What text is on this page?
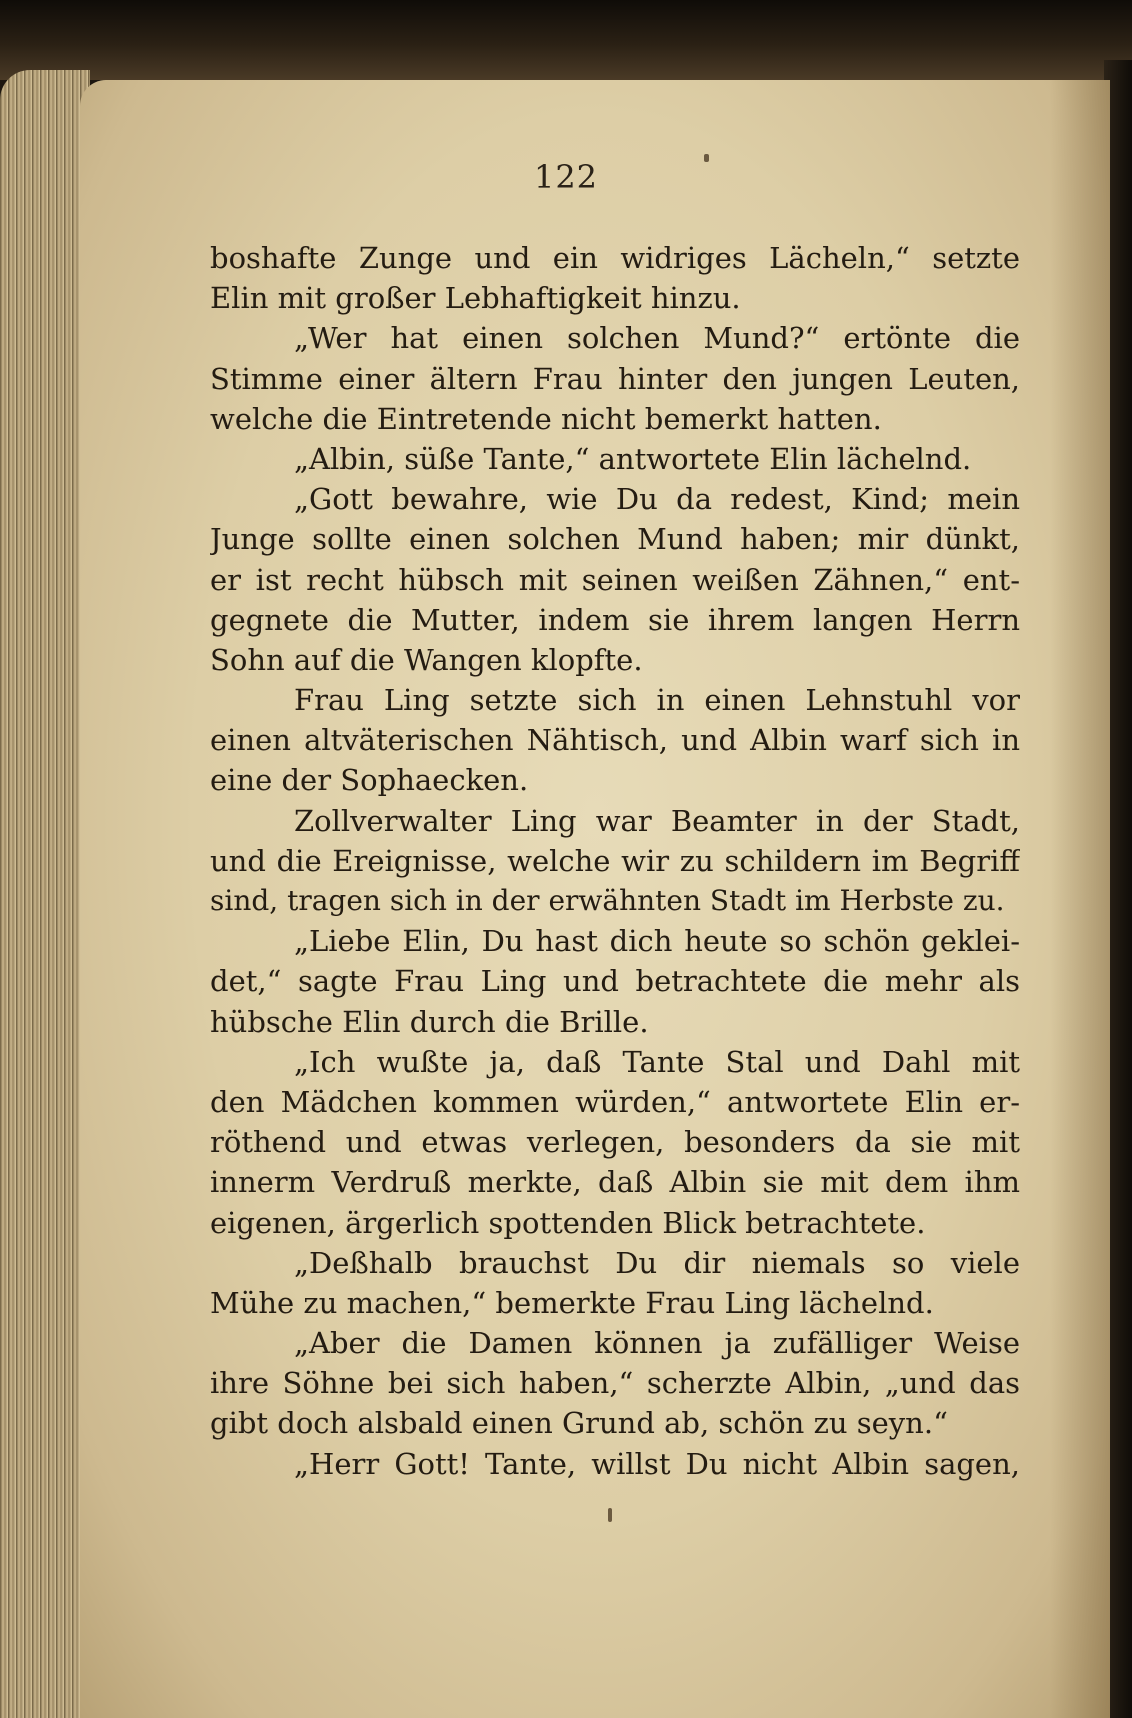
122
boshafte Zunge und ein widriges Lächeln,“ setzte
Elin mit großer Lebhaftigkeit hinzu.
„Wer hat einen solchen Mund?“ ertönte die
Stimme einer ältern Frau hinter den jungen Leuten,
welche die Eintretende nicht bemerkt hatten.
„Albin, süße Tante,“ antwortete Elin lächelnd.
„Gott bewahre, wie Du da redest, Kind; mein
Junge sollte einen solchen Mund haben; mir dünkt,
er ist recht hübsch mit seinen weißen Zähnen,“ ent-
gegnete die Mutter, indem sie ihrem langen Herrn
Sohn auf die Wangen klopfte.
Frau Ling setzte sich in einen Lehnstuhl vor
einen altväterischen Nähtisch, und Albin warf sich in
eine der Sophaecken.
Zollverwalter Ling war Beamter in der Stadt,
und die Ereignisse, welche wir zu schildern im Begriff
sind, tragen sich in der erwähnten Stadt im Herbste zu.
„Liebe Elin, Du hast dich heute so schön geklei-
det,“ sagte Frau Ling und betrachtete die mehr als
hübsche Elin durch die Brille.
„Ich wußte ja, daß Tante Stal und Dahl mit
den Mädchen kommen würden,“ antwortete Elin er-
röthend und etwas verlegen, besonders da sie mit
innerm Verdruß merkte, daß Albin sie mit dem ihm
eigenen, ärgerlich spottenden Blick betrachtete.
„Deßhalb brauchst Du dir niemals so viele
Mühe zu machen,“ bemerkte Frau Ling lächelnd.
„Aber die Damen können ja zufälliger Weise
ihre Söhne bei sich haben,“ scherzte Albin, „und das
gibt doch alsbald einen Grund ab, schön zu seyn.“
„Herr Gott! Tante, willst Du nicht Albin sagen,
